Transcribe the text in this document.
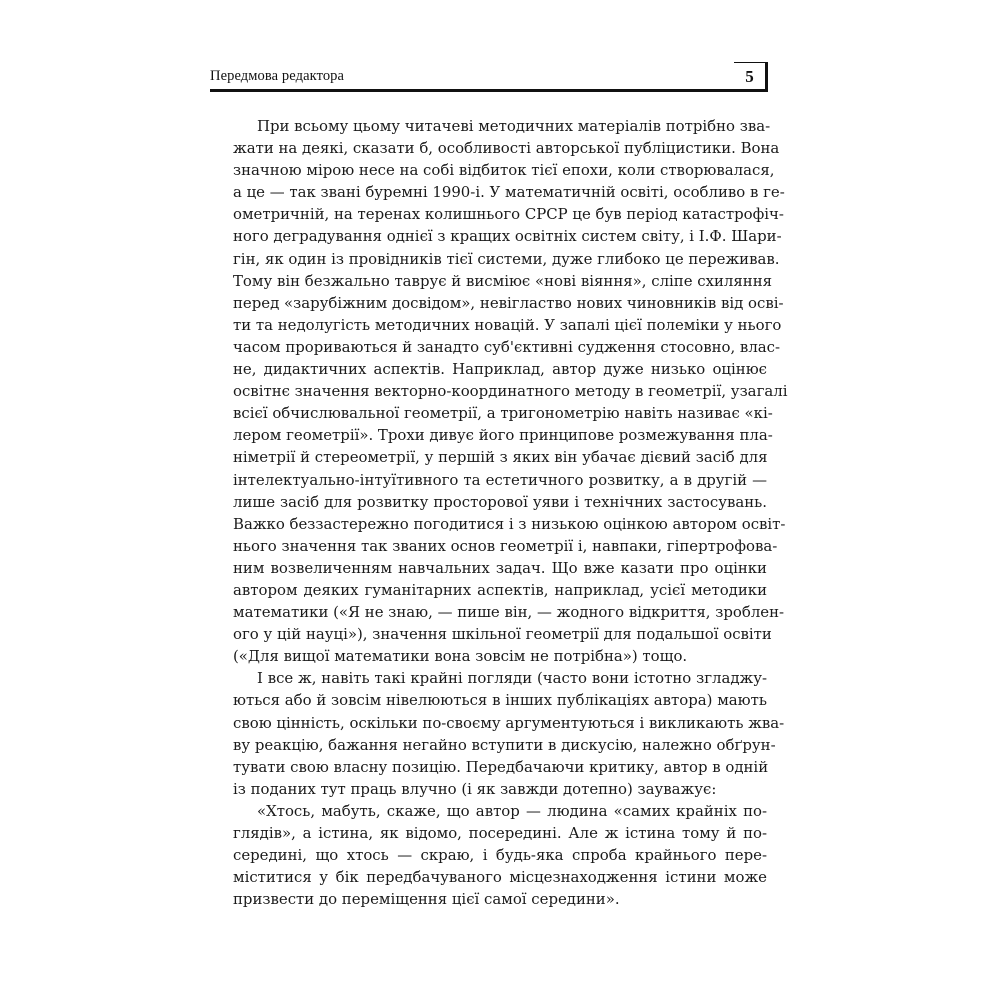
Передмова редактора	5
При всьому цьому читачеві методичних матеріалів потрібно зва-
жати на деякі, сказати б, особливості авторської публіцистики. Вона
значною мірою несе на собі відбиток тієї епохи, коли створювалася,
а це — так звані буремні 1990-і. У математичній освіті, особливо в ге-
ометричній, на теренах колишнього СРСР це був період катастрофіч-
ного деградування однієї з кращих освітніх систем світу, і І.Ф. Шари-
гін, як один із провідників тієї системи, дуже глибоко це переживав.
Тому він безжально таврує й висміює «нові віяння», сліпе схиляння
перед «зарубіжним досвідом», невігластво нових чиновників від осві-
ти та недолугість методичних новацій. У запалі цієї полеміки у нього
часом прориваються й занадто суб'єктивні судження стосовно, влас-
не, дидактичних аспектів. Наприклад, автор дуже низько оцінює
освітнє значення векторно-координатного методу в геометрії, узагалі
всієї обчислювальної геометрії, а тригонометрію навіть називає «кі-
лером геометрії». Трохи дивує його принципове розмежування пла-
німетрії й стереометрії, у першій з яких він убачає дієвий засіб для
інтелектуально-інтуїтивного та естетичного розвитку, а в другій —
лише засіб для розвитку просторової уяви і технічних застосувань.
Важко беззастережно погодитися і з низькою оцінкою автором освіт-
нього значення так званих основ геометрії і, навпаки, гіпертрофова-
ним возвеличенням навчальних задач. Що вже казати про оцінки
автором деяких гуманітарних аспектів, наприклад, усієї методики
математики («Я не знаю, — пише він, — жодного відкриття, зроблен-
ого у цій науці»), значення шкільної геометрії для подальшої освіти
(«Для вищої математики вона зовсім не потрібна») тощо.
І все ж, навіть такі крайні погляди (часто вони істотно згладжу-
ються або й зовсім нівелюються в інших публікаціях автора) мають
свою цінність, оскільки по-своєму аргументуються і викликають жва-
ву реакцію, бажання негайно вступити в дискусію, належно обґрун-
тувати свою власну позицію. Передбачаючи критику, автор в одній
із поданих тут праць влучно (і як завжди дотепно) зауважує:
«Хтось, мабуть, скаже, що автор — людина «самих крайніх по-
глядів», а істина, як відомо, посередині. Але ж істина тому й по-
середині, що хтось — скраю, і будь-яка спроба крайнього пере-
міститися у бік передбачуваного місцезнаходження істини може
призвести до переміщення цієї самої середини».
